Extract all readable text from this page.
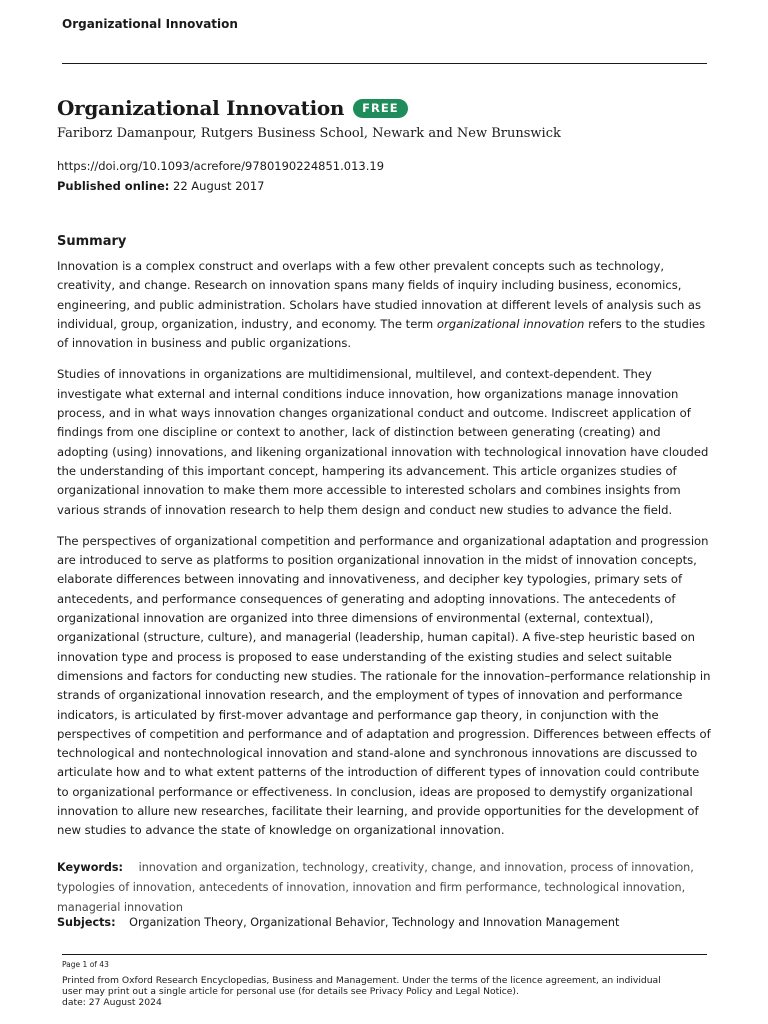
Organizational Innovation
Organizational Innovation	FREE
Fariborz Damanpour, Rutgers Business School, Newark and New Brunswick
https://doi.org/10.1093/acrefore/9780190224851.013.19
Published online: 22 August 2017
Summary

Innovation is a complex construct and overlaps with a few other prevalent concepts such as technology, creativity, and change. Research on innovation spans many fields of inquiry including business, economics, engineering, and public administration. Scholars have studied innovation at different levels of analysis such as individual, group, organization, industry, and economy. The term organizational innovation refers to the studies of innovation in business and public organizations.

Studies of innovations in organizations are multidimensional, multilevel, and context-dependent. They investigate what external and internal conditions induce innovation, how organizations manage innovation process, and in what ways innovation changes organizational conduct and outcome. Indiscreet application of findings from one discipline or context to another, lack of distinction between generating (creating) and adopting (using) innovations, and likening organizational innovation with technological innovation have clouded the understanding of this important concept, hampering its advancement. This article organizes studies of organizational innovation to make them more accessible to interested scholars and combines insights from various strands of innovation research to help them design and conduct new studies to advance the field.

The perspectives of organizational competition and performance and organizational adaptation and progression are introduced to serve as platforms to position organizational innovation in the midst of innovation concepts, elaborate differences between innovating and innovativeness, and decipher key typologies, primary sets of antecedents, and performance consequences of generating and adopting innovations. The antecedents of organizational innovation are organized into three dimensions of environmental (external, contextual), organizational (structure, culture), and managerial (leadership, human capital). A five-step heuristic based on innovation type and process is proposed to ease understanding of the existing studies and select suitable dimensions and factors for conducting new studies. The rationale for the innovation–performance relationship in strands of organizational innovation research, and the employment of types of innovation and performance indicators, is articulated by first-mover advantage and performance gap theory, in conjunction with the perspectives of competition and performance and of adaptation and progression. Differences between effects of technological and nontechnological innovation and stand-alone and synchronous innovations are discussed to articulate how and to what extent patterns of the introduction of different types of innovation could contribute to organizational performance or effectiveness. In conclusion, ideas are proposed to demystify organizational innovation to allure new researches, facilitate their learning, and provide opportunities for the development of new studies to advance the state of knowledge on organizational innovation.

Keywords: innovation and organization, technology, creativity, change, and innovation, process of innovation, typologies of innovation, antecedents of innovation, innovation and firm performance, technological innovation, managerial innovation
Subjects: Organization Theory, Organizational Behavior, Technology and Innovation Management
Page 1 of 43
Printed from Oxford Research Encyclopedias, Business and Management. Under the terms of the licence agreement, an individual
user may print out a single article for personal use (for details see Privacy Policy and Legal Notice).
date: 27 August 2024
